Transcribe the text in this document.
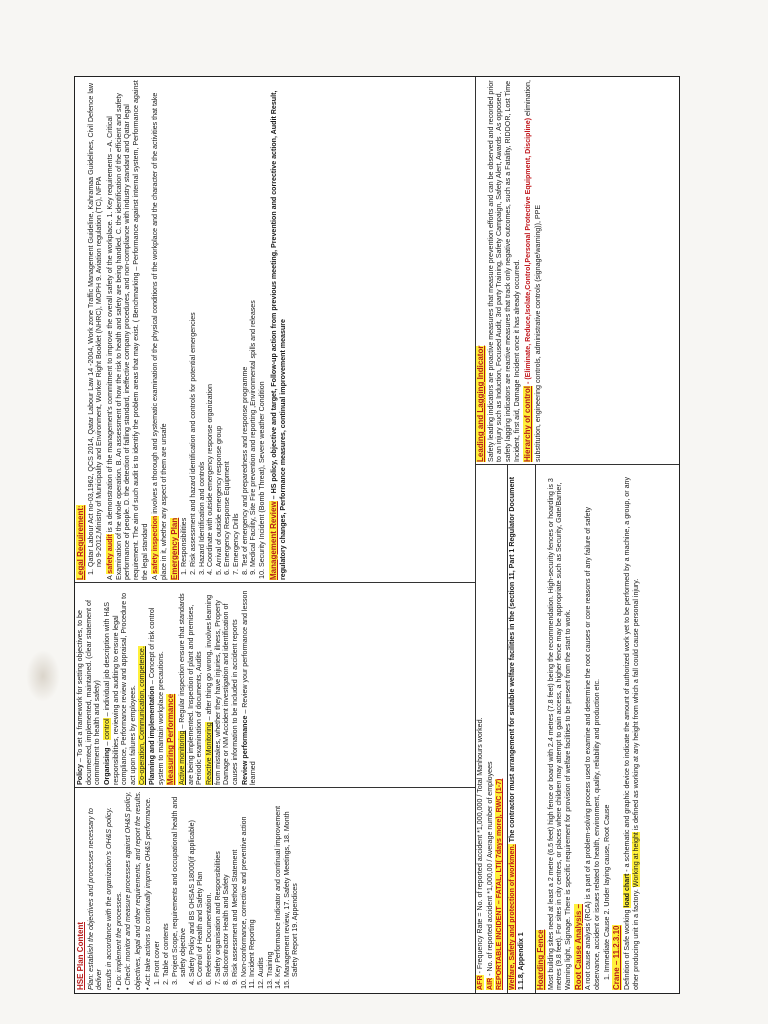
HSE Plan Content Plan: establish the objectives and processes necessary to deliver results in accordance with the organization's OH&S policy. • Do: implement the processes. • Check: monitor and measure processes against OH&S policy, objectives, legal and other requirements, and report the results. • Act: take actions to continually improve OH&S performance. 1. Front cover 2. Table of contents 3. Project Scope, requirements and occupational health and safety objective 4. Safety Policy and BS OHSAS 18000(if applicable) 5. Control of Health and Safety Plan 6. Reference Documentation. 7. Safety organisation and Responsibilities 8. Subcontractor Health and Safety 9. Risk assessment and Method Statement 10. Non-conformance, corrective and preventive action 11. Incident Reporting 12. Audits 13. Training 14. Key Performance Indicator and continual improvement 15. Management review, 17. Safety Meetings, 18. Month Safety Report 19. Appendices

Policy – To set a framework for setting objectives, to be documented, implemented, maintained. (clear statement of commitment to health and safety) Organising – control – individual job description with H&S responsibilities, reviewing and auditing to ensure legal compliance, Performance review and appraisal, Procedure to act upon failures by employees. Co-operation, Communication, competence. Planning and implementation – Concept of risk control system to maintain workplace precautions. Measuring Performance Active monitoring – Regular inspection ensure that standards are being implemented. Inspection of plant and premises, Periodic examination of documents, Audits Reactive Monitoring – after thing go wrong, involves learning from mistakes, whether they have injuries, illness, Property Damage or NM Accident investigation and identification of causes information to be included in accident reports Review performance – Review your performance and lesson learned

Legal Requirement: 1. Qatar Labour Act no-03,1962, QCS 2014, Qatar Labour Law 14 -2004, Work zone Traffic Management Guideline, Kahramaa Guidelines, Civil Defence law no 9-2012,Ministry of Municipality and Environment, Worker Right Booklet (NHRC), MOPH 9. Aviation regulation (TC), NFPA

A safety audit is a demonstration of the management's commitment to improve the overall safety of the workplace. 1. Key requirements – A. Critical Examination of the whole operation. B. An assessment of how the risk to health and safety are being handled. C. the identification of the efficient and safety performance of people. D. the detection of falling standard, ineffective company procedures, and non-compliance with industry standard and Qatar legal requirement. The aim of such audit is to identify the problem areas that may exist. ( Benchmarking – Performance against internal system, Performance against the legal standard A safety inspection involves a thorough and systematic examination of the physical conditions of the workplace and the character of the activities that take place in it, whether any aspect of them are unsafe Emergency Plan 1. Responsibilities 2. Risk assessment and hazard identification and controls for potential emergencies 3. Hazard Identification and controls 4. Coordinate with outside emergency response organization 5. Arrival of outside emergency response group 6. Emergency Response Equipment 7. Emergency Drills 8. Test of emergency and preparedness and response programme 9. Medical Facility, Site Fire prevention and reporting ,Environmental spills and releases 10. Security Incident (Bomb Threat), Severe weather Condition Management Review – HS policy, objective and target, Follow-up action from previous meeting, Prevention and corrective action, Audit Result, regulatory changes, Performance measures, continual improvement measure

AFR - Frequency Rate = No. of reported accident *1,000,000 / Total Manhours worked.

AIR - No. of reported accident *1,000,00 / Average number of employees REPORTABLE INCIDENT – FATAL, LTI( 7days more), RWC (1-7) Welfare, Safety and protection of workmen. The contractor must arrangement for suitable welfare facilities in the (section 11, Part 1 Regulator Document 1.1.8, Appendix 1 Hoarding Fence Most building sites need at least a 2 metre (6.5 feet) high fence or board with 2.4 metres (7.8 feet) being the recommendation. High-security fences or hoarding is 3 metres (9.8 feet). For sites in city centres, or places where children may attempt to gain access, a higher fence may be appropriate such as Security, Gate/Barrier, Warning light, Signage. There is specific requirement for provision of welfare facilities to be present from the start to work. Root Cause Analysis – A root cause analysis (RCA) is a part of a problem-solving process used to examine and determine the root causes or core reasons of any failure of safety observance, accident or issues related to health, environment, quality, reliability and production etc. 1. Immediate Cause 2. Under laying cause, Root Cause Crane – 11.2.3.10 Definition of Safe working load chart - a schematic and graphic device to indicate the amount of authorized work yet to be performed by a machine, a group, or any other producing unit in a factory. Working at height is defined as working at any height from which a fall could cause personal injury.

Leading and Lagging Indicator Safety leading indicators are proactive measures that measure prevention efforts and can be observed and recorded prior to an injury such as Induction, Focused Audit, 3rd party Training, Safety Campaign, Safety Alert, Awards . As opposed, safety lagging indicators are reactive measures that track only negative outcomes, such as a Fatality, RIDDOR, Lost Time Incident, first aid, Damage Incident once it has already occurred. Hierarchy of control - (Eliminate, Reduce,Isolate,Control,Personal Protective Equipment, Discipline) elimination, substitution, engineering controls, administrative controls (signage/warning)), PPE
